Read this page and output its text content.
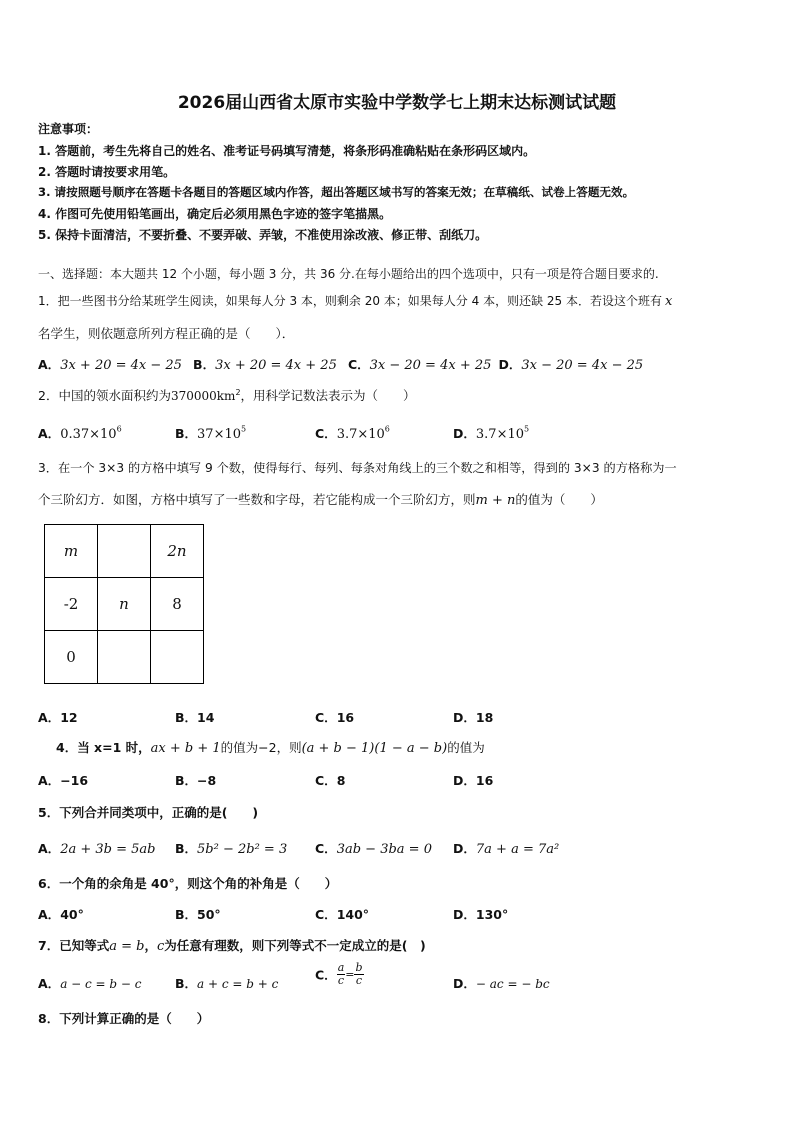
2026届山西省太原市实验中学数学七上期末达标测试试题
注意事项：
1. 答题前，考生先将自己的姓名、准考证号码填写清楚，将条形码准确粘贴在条形码区域内。
2. 答题时请按要求用笔。
3. 请按照题号顺序在答题卡各题目的答题区域内作答，超出答题区域书写的答案无效；在草稿纸、试卷上答题无效。
4. 作图可先使用铅笔画出，确定后必须用黑色字迹的签字笔描黑。
5. 保持卡面清洁，不要折叠、不要弄破、弄皱，不准使用涂改液、修正带、刮纸刀。
一、选择题：本大题共 12 个小题，每小题 3 分，共 36 分.在每小题给出的四个选项中，只有一项是符合题目要求的.
1．把一些图书分给某班学生阅读，如果每人分 3 本，则剩余 20 本；如果每人分 4 本，则还缺 25 本．若设这个班有 x
名学生，则依题意所列方程正确的是（　　）．
A．3x + 20 = 4x − 25 B．3x + 20 = 4x + 25 C．3x − 20 = 4x + 25 D．3x − 20 = 4x − 25
2．中国的领水面积约为$370000km^2$，用科学记数法表示为（　　）
A．$0.37\times 10^6$	B．$37\times 10^5$	C．$3.7\times 10^6$	D．$3.7\times 10^5$
3．在一个 3×3 的方格中填写 9 个数，使得每行、每列、每条对角线上的三个数之和相等，得到的 3×3 的方格称为一
个三阶幻方．如图，方格中填写了一些数和字母，若它能构成一个三阶幻方，则m + n的值为（　　）
m		2n
-2	n	8
0		
A．12	B．14	C．16	D．18
4．当 x=1 时，ax + b + 1的值为−2，则(a + b − 1)(1 − a − b)的值为
A．−16	B．−8	C．8	D．16
5．下列合并同类项中，正确的是(　　)
A．2a + 3b = 5ab B．5b² − 2b² = 3 C．3ab − 3ba = 0 D．7a + a = 7a²
6．一个角的余角是 40°，则这个角的补角是（　　）
A．40°	B．50°	C．140°	D．130°
7．已知等式a = b，c为任意有理数，则下列等式不一定成立的是(　)
A．a − c = b − c	B．a + c = b + c
C． $\frac{a}{c} = \frac{b}{c}$	D．− ac = − bc
8．下列计算正确的是（　　）
